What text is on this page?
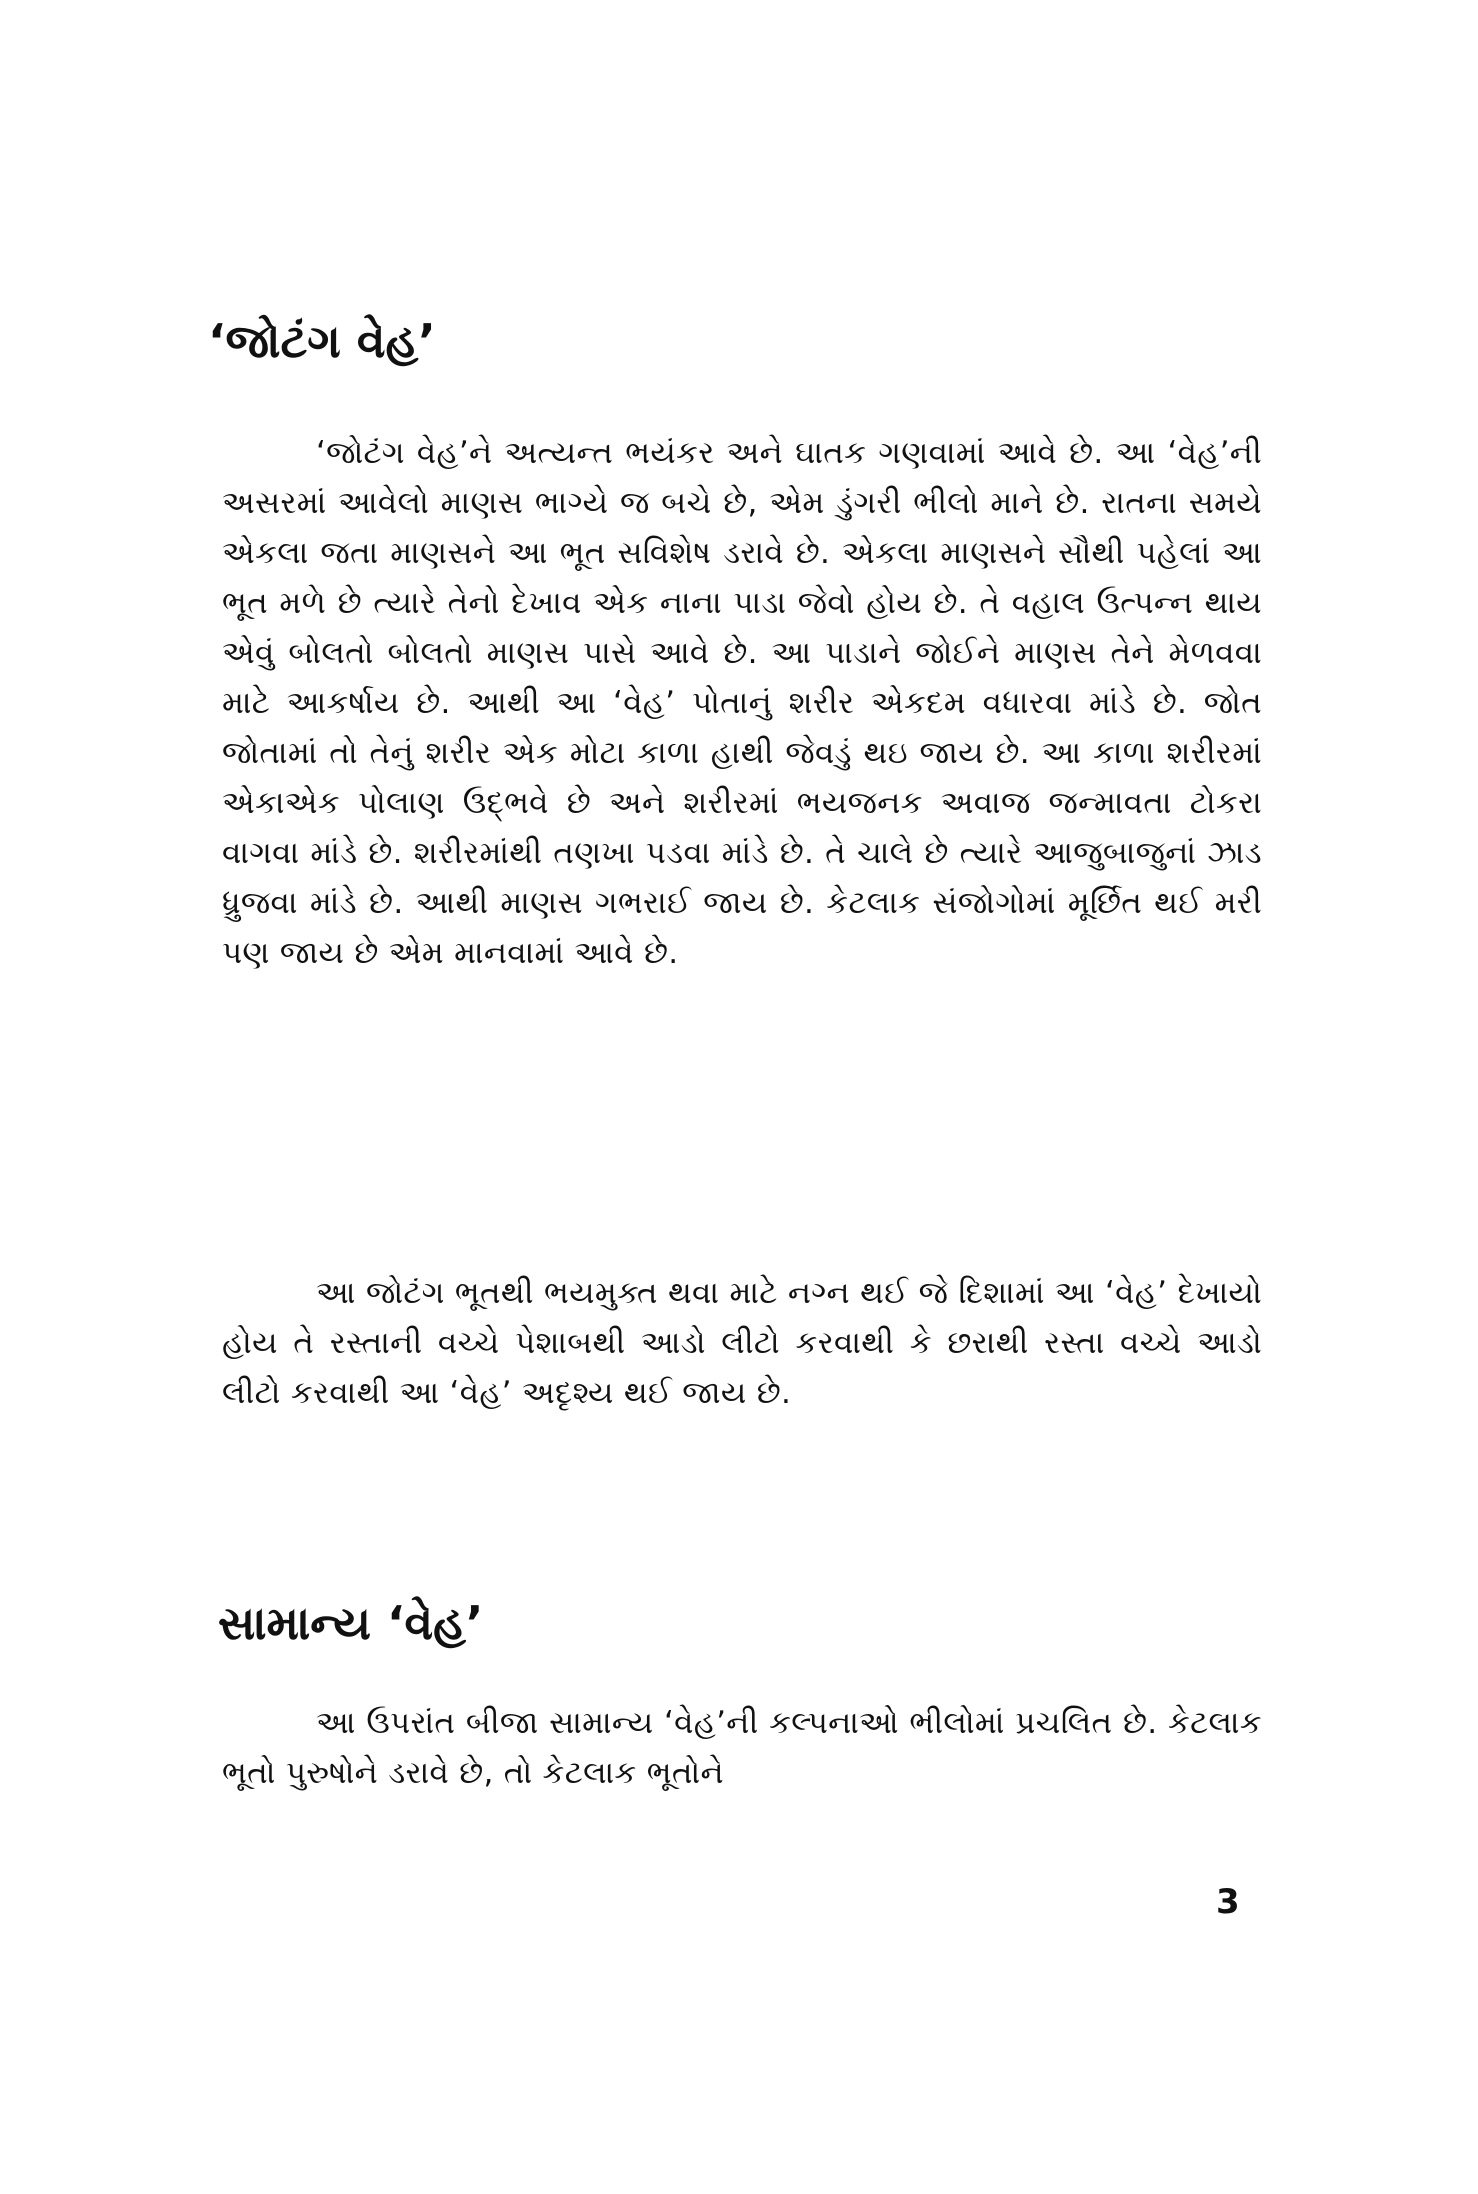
‘જોટંગ વેહ’
‘જોટંગ વેહ’ને અત્યન્ત ભયંકર અને ઘાતક ગણવામાં આવે છે. આ ‘વેહ’ની અસરમાં આવેલો માણસ ભાગ્યે જ બચે છે, એમ ડુંગરી ભીલો માને છે. રાતના સમયે એકલા જતા માણસને આ ભૂત સવિશેષ ડરાવે છે. એકલા માણસને સૌથી પહેલાં આ ભૂત મળે છે ત્યારે તેનો દેખાવ એક નાના પાડા જેવો હોય છે. તે વહાલ ઉત્પન્ન થાય એવું બોલતો બોલતો માણસ પાસે આવે છે. આ પાડાને જોઈને માણસ તેને મેળવવા માટે આકર્ષાય છે. આથી આ ‘વેહ’ પોતાનું શરીર એકદમ વધારવા માંડે છે. જોત જોતામાં તો તેનું શરીર એક મોટા કાળા હાથી જેવડું થઇ જાય છે. આ કાળા શરીરમાં એકાએક પોલાણ ઉદ્‌ભવે છે અને શરીરમાં ભયજનક અવાજ જન્માવતા ટોકરા વાગવા માંડે છે. શરીરમાંથી તણખા પડવા માંડે છે. તે ચાલે છે ત્યારે આજુબાજુનાં ઝાડ ધ્રુજવા માંડે છે. આથી માણસ ગભરાઈ જાય છે. કેટલાક સંજોગોમાં મૂર્છિત થઈ મરી પણ જાય છે એમ માનવામાં આવે છે.
આ જોટંગ ભૂતથી ભયમુક્ત થવા માટે નગ્ન થઈ જે દિશામાં આ ‘વેહ’ દેખાયો હોય તે રસ્તાની વચ્ચે પેશાબથી આડો લીટો કરવાથી કે છરાથી રસ્તા વચ્ચે આડો લીટો કરવાથી આ ‘વેહ’ અદૃશ્ય થઈ જાય છે.
સામાન્ય ‘વેહ’
આ ઉપરાંત બીજા સામાન્ય ‘વેહ’ની કલ્પનાઓ ભીલોમાં પ્રચલિત છે. કેટલાક ભૂતો પુરુષોને ડરાવે છે, તો કેટલાક ભૂતોને
3
